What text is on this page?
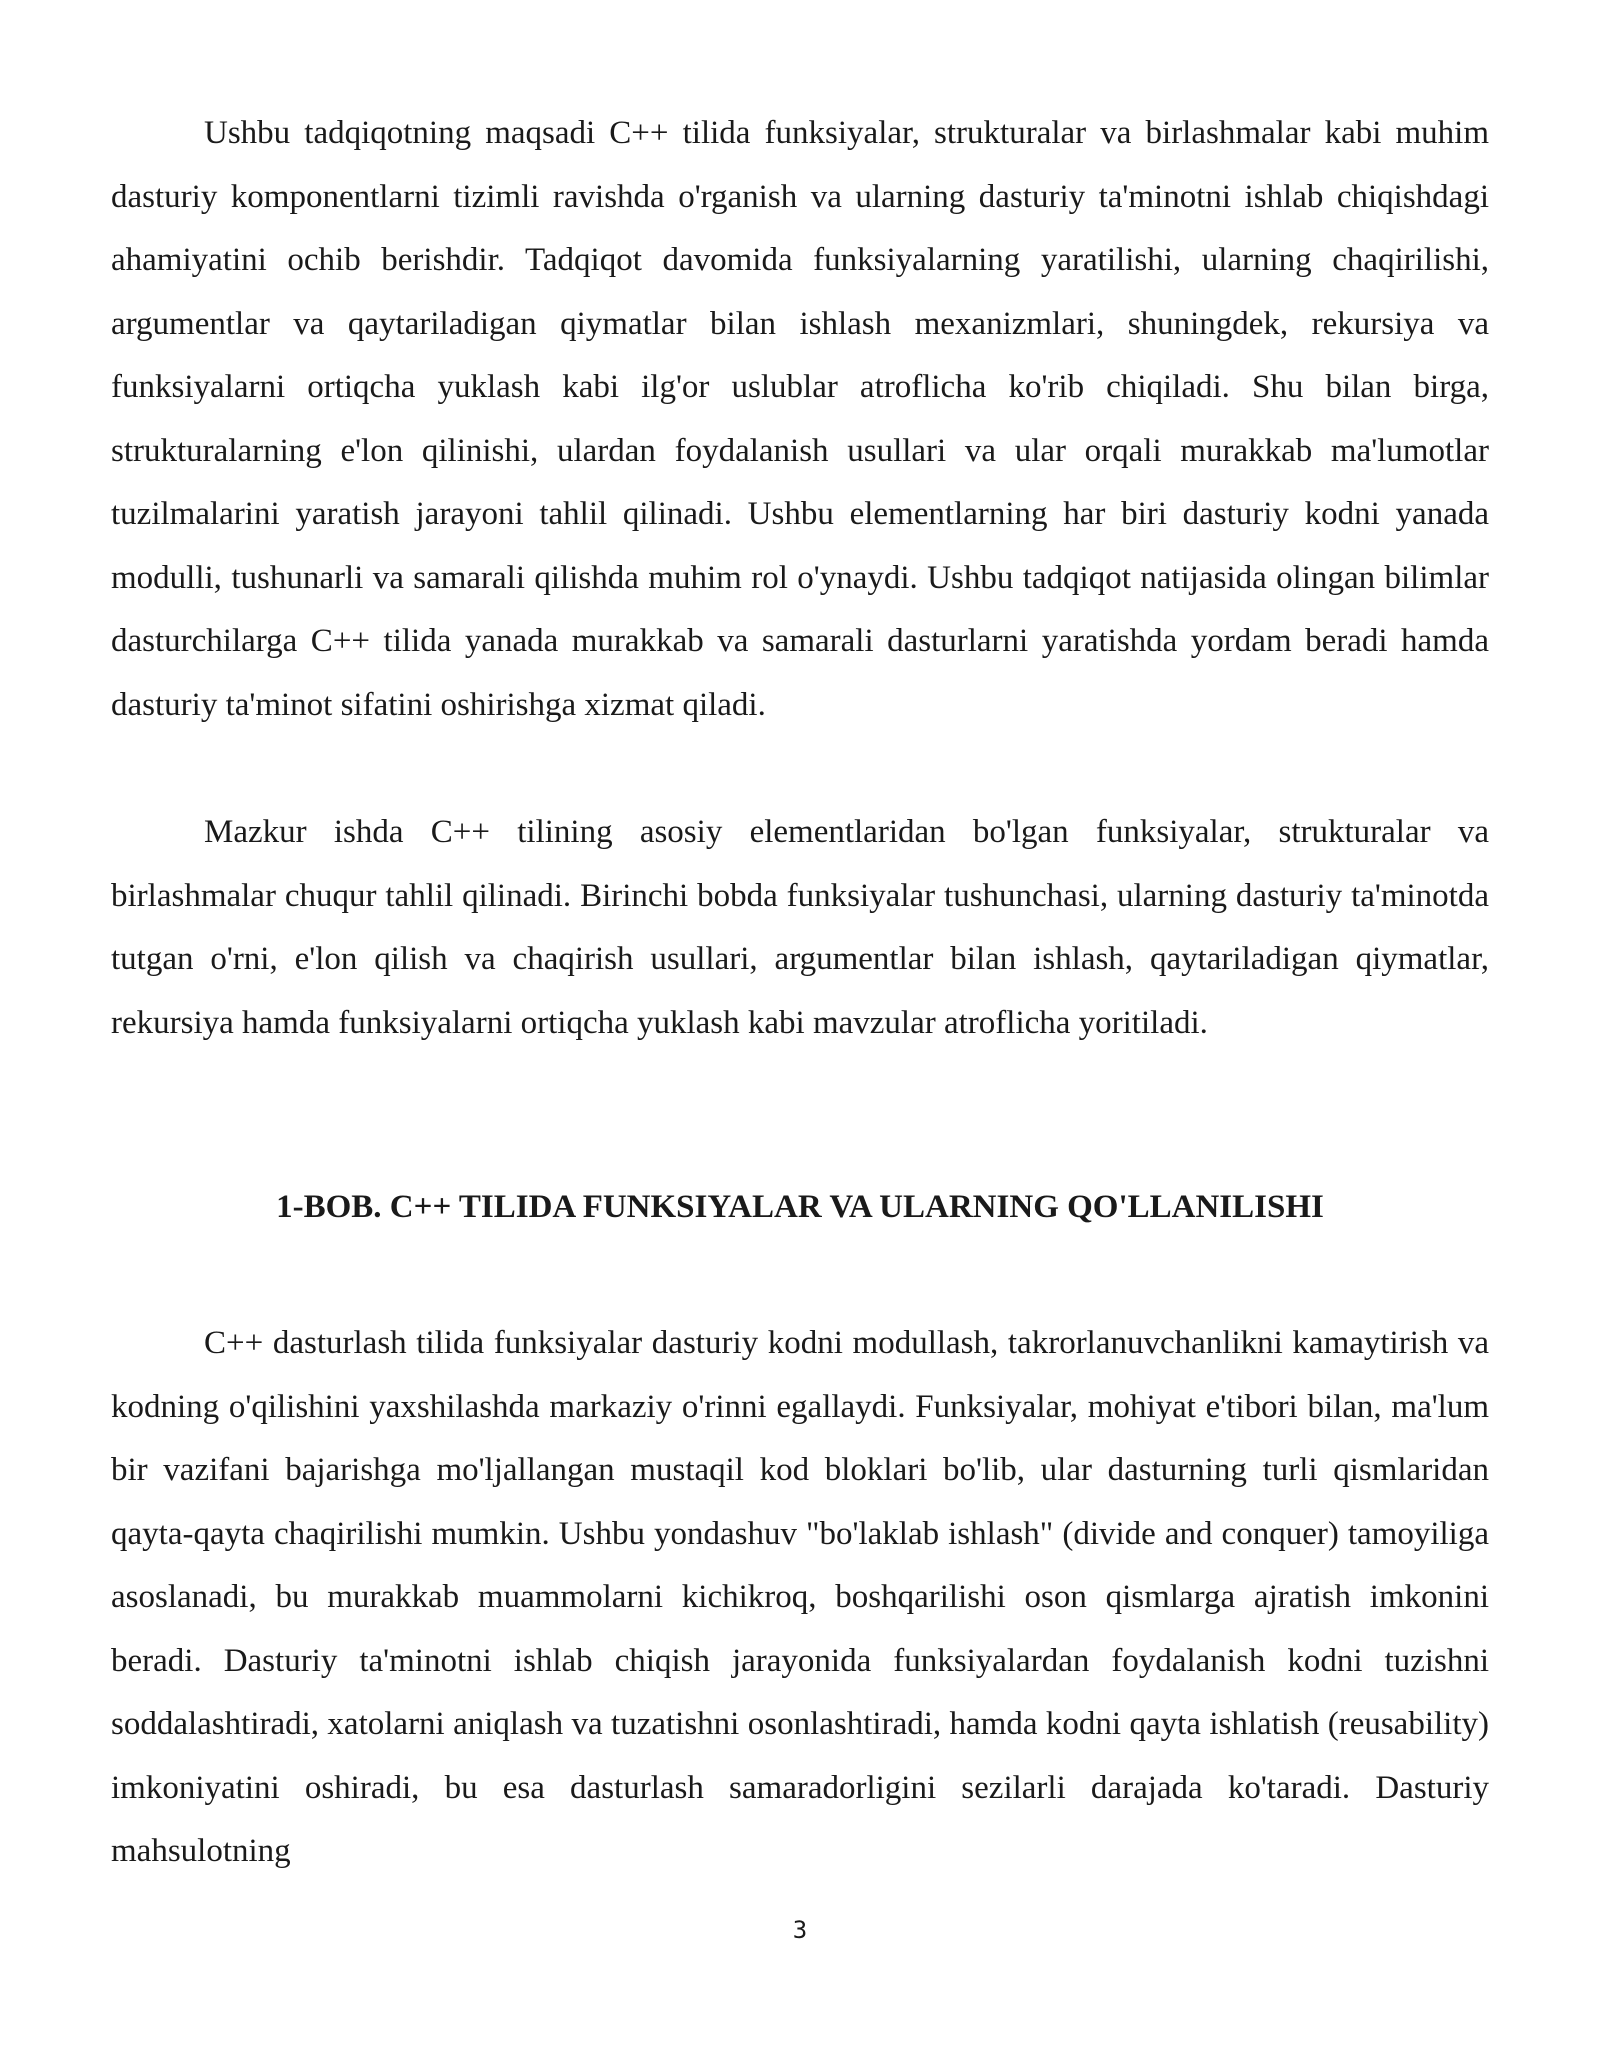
Ushbu tadqiqotning maqsadi C++ tilida funksiyalar, strukturalar va birlashmalar kabi muhim dasturiy komponentlarni tizimli ravishda o'rganish va ularning dasturiy ta'minotni ishlab chiqishdagi ahamiyatini ochib berishdir. Tadqiqot davomida funksiyalarning yaratilishi, ularning chaqirilishi, argumentlar va qaytariladigan qiymatlar bilan ishlash mexanizmlari, shuningdek, rekursiya va funksiyalarni ortiqcha yuklash kabi ilg'or uslublar atroflicha ko'rib chiqiladi. Shu bilan birga, strukturalarning e'lon qilinishi, ulardan foydalanish usullari va ular orqali murakkab ma'lumotlar tuzilmalarini yaratish jarayoni tahlil qilinadi. Ushbu elementlarning har biri dasturiy kodni yanada modulli, tushunarli va samarali qilishda muhim rol o'ynaydi. Ushbu tadqiqot natijasida olingan bilimlar dasturchilarga C++ tilida yanada murakkab va samarali dasturlarni yaratishda yordam beradi hamda dasturiy ta'minot sifatini oshirishga xizmat qiladi.

Mazkur ishda C++ tilining asosiy elementlaridan bo'lgan funksiyalar, strukturalar va birlashmalar chuqur tahlil qilinadi. Birinchi bobda funksiyalar tushunchasi, ularning dasturiy ta'minotda tutgan o'rni, e'lon qilish va chaqirish usullari, argumentlar bilan ishlash, qaytariladigan qiymatlar, rekursiya hamda funksiyalarni ortiqcha yuklash kabi mavzular atroflicha yoritiladi.

1-BOB. C++ TILIDA FUNKSIYALAR VA ULARNING QO'LLANILISHI

C++ dasturlash tilida funksiyalar dasturiy kodni modullash, takrorlanuvchanlikni kamaytirish va kodning o'qilishini yaxshilashda markaziy o'rinni egallaydi. Funksiyalar, mohiyat e'tibori bilan, ma'lum bir vazifani bajarishga mo'ljallangan mustaqil kod bloklari bo'lib, ular dasturning turli qismlaridan qayta-qayta chaqirilishi mumkin. Ushbu yondashuv "bo'laklab ishlash" (divide and conquer) tamoyiliga asoslanadi, bu murakkab muammolarni kichikroq, boshqarilishi oson qismlarga ajratish imkonini beradi. Dasturiy ta'minotni ishlab chiqish jarayonida funksiyalardan foydalanish kodni tuzishni soddalashtiradi, xatolarni aniqlash va tuzatishni osonlashtiradi, hamda kodni qayta ishlatish (reusability) imkoniyatini oshiradi, bu esa dasturlash samaradorligini sezilarli darajada ko'taradi. Dasturiy mahsulotning

3
